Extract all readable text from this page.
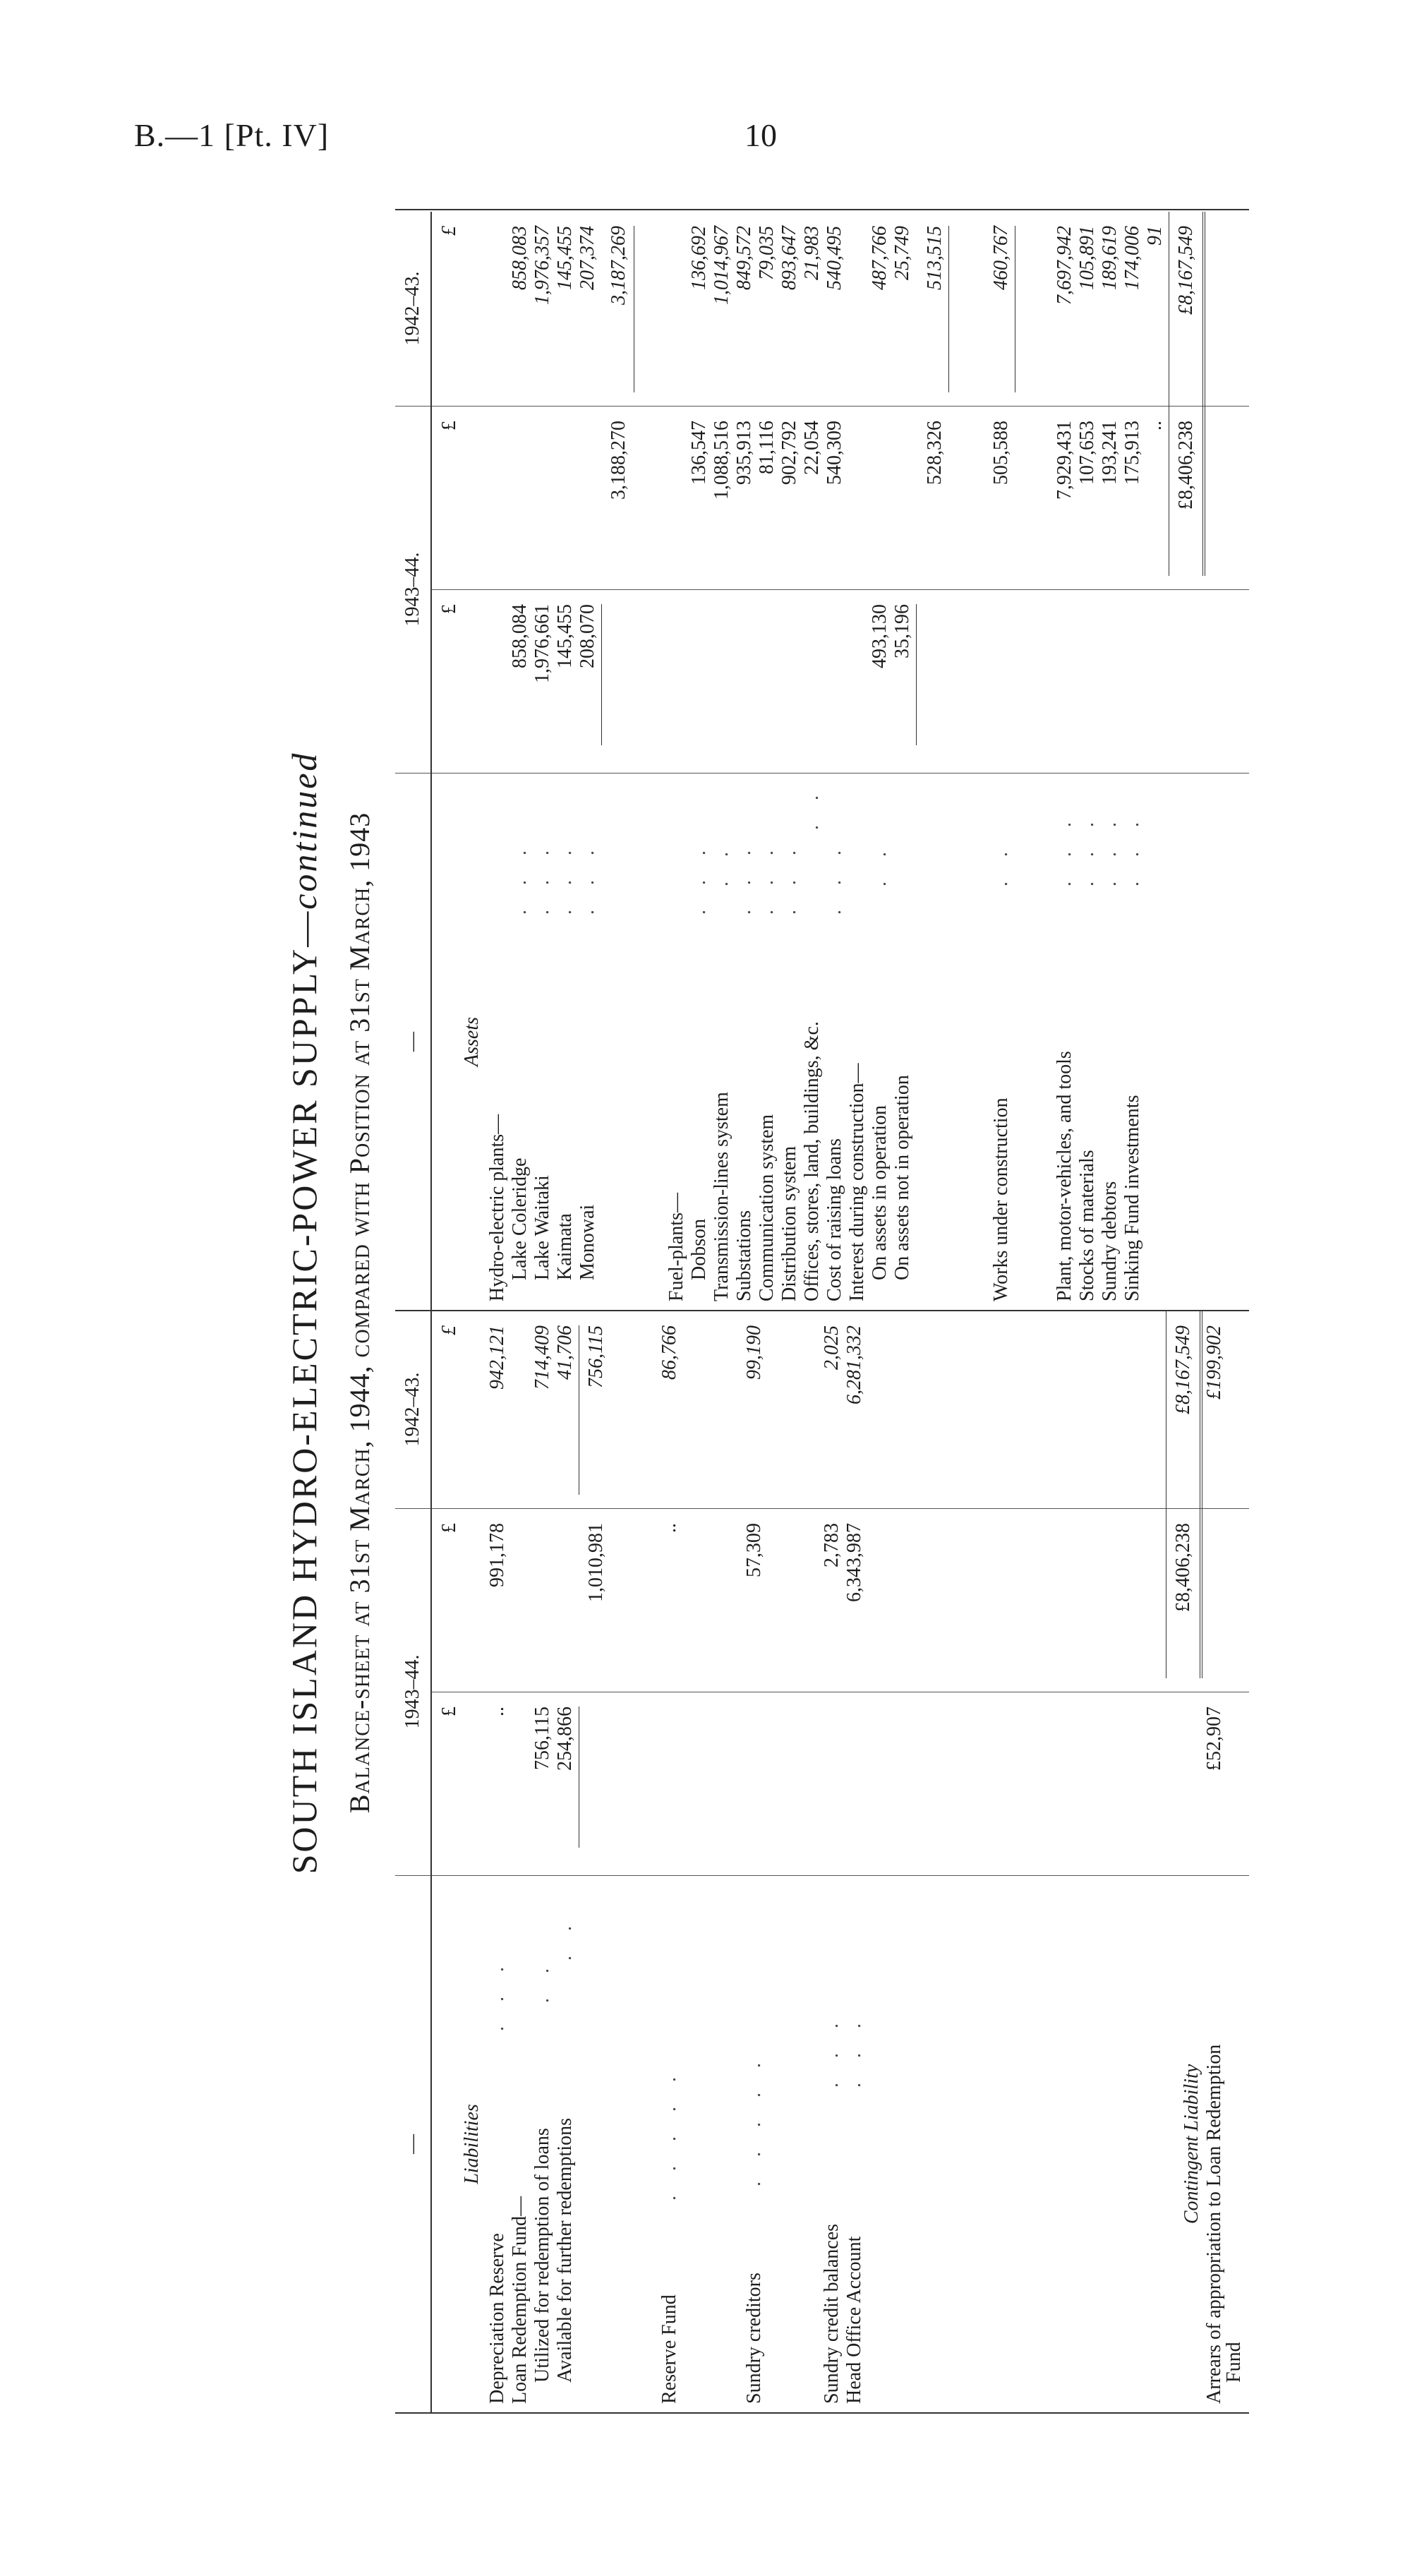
B.—1 [Pt. IV]	10
SOUTH ISLAND HYDRO-ELECTRIC-POWER SUPPLY—continued Balance-sheet at 31st March, 1944, compared with Position at 31st March, 1943
—
1943–44.
1942–43.
£
£
£
Liabilities
Depreciation Reserve
. . .
..
991,178
942,121
Loan Redemption Fund— Utilized for redemption of loans
. .
756,115
714,409
Available for further redemptions
. .
254,866
41,706
1,010,981
756,115
Reserve Fund
. . . . .
..
86,766
Sundry creditors
. . . . .
57,309
99,190
Sundry credit balances
. . .
2,783
2,025
Head Office Account
. . .
6,343,987
6,281,332
£8,406,238
£8,167,549
Contingent Liability Arrears of appropriation to Loan Redemption
£52,907
£199,902
Fund
—
1943–44.
1942–43.
£
£
£
Assets
Hydro-electric plants— Lake Coleridge
. . .
858,084
858,083
Lake Waitaki
. . .
1,976,661
1,976,357
Kaimata
. . .
145,455
145,455
Monowai
. . .
208,070
207,374
3,188,270
3,187,269
Fuel-plants— Dobson
. . .
136,547
136,692
Transmission-lines system
. .
1,088,516
1,014,967
Substations
. . .
935,913
849,572
Communication system
. . .
81,116
79,035
Distribution system
. . .
902,792
893,647
Offices, stores, land, buildings, &c.
. .
22,054
21,983
Cost of raising loans
. . .
540,309
540,495
Interest during construction— On assets in operation
. .
493,130
487,766
On assets not in operation
35,196
25,749
528,326
513,515
Works under construction
. .
505,588
460,767
Plant, motor-vehicles, and tools
. . .
7,929,431
7,697,942
Stocks of materials
. . .
107,653
105,891
Sundry debtors
. . .
193,241
189,619
Sinking Fund investments
. . .
175,913
174,006
..
91
£8,406,238
£8,167,549
